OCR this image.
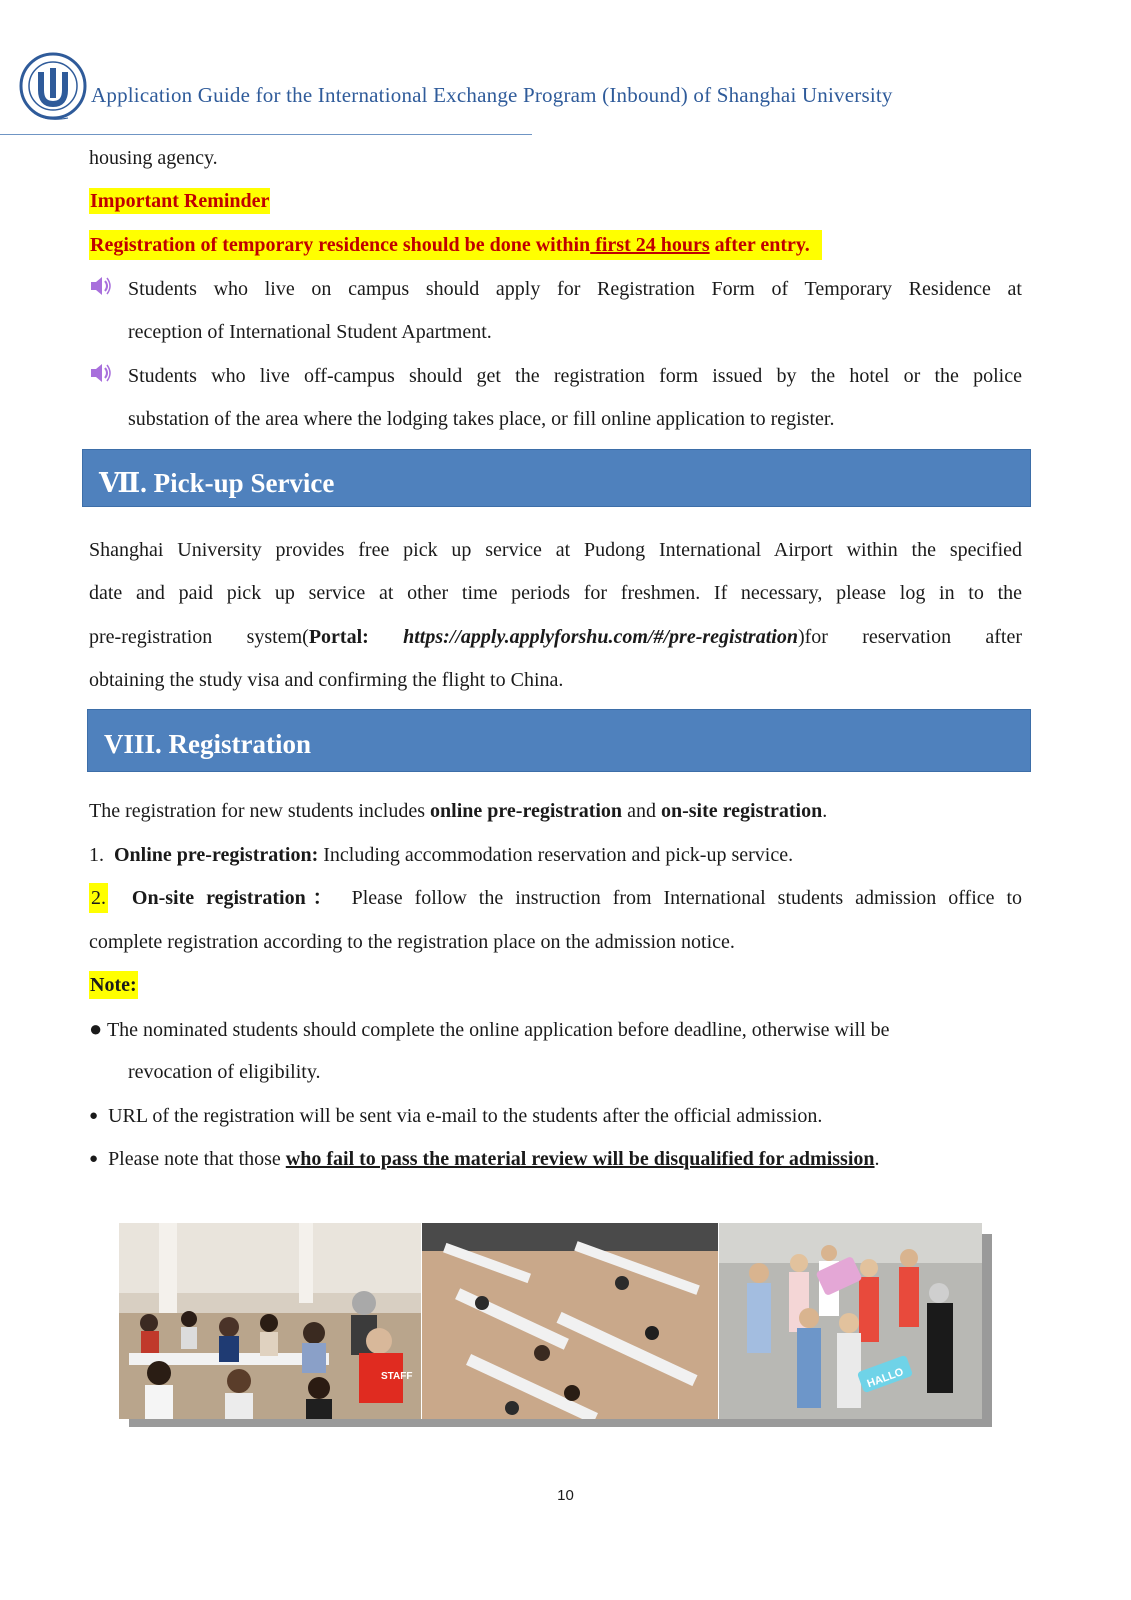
Application Guide for the International Exchange Program (Inbound) of Shanghai University
housing agency.
Important Reminder
Registration of temporary residence should be done within first 24 hours after entry.
Students who live on campus should apply for Registration Form of Temporary Residence at
reception of International Student Apartment.
Students who live off-campus should get the registration form issued by the hotel or the police
substation of the area where the lodging takes place, or fill online application to register.
Ⅶ. Pick-up Service
Shanghai University provides free pick up service at Pudong International Airport within the specified
date and paid pick up service at other time periods for freshmen. If necessary, please log in to the
pre-registration system(Portal: https://apply.applyforshu.com/#/pre-registration)for reservation after
obtaining the study visa and confirming the flight to China.
VIII. Registration
The registration for new students includes online pre-registration and on-site registration.
1. Online pre-registration: Including accommodation reservation and pick-up service.
2. On-site registration： Please follow the instruction from International students admission office to
complete registration according to the registration place on the admission notice.
Note:
● The nominated students should complete the online application before deadline, otherwise will be
revocation of eligibility.
● URL of the registration will be sent via e-mail to the students after the official admission.
● Please note that those who fail to pass the material review will be disqualified for admission.
STAFF	HALLO
10
